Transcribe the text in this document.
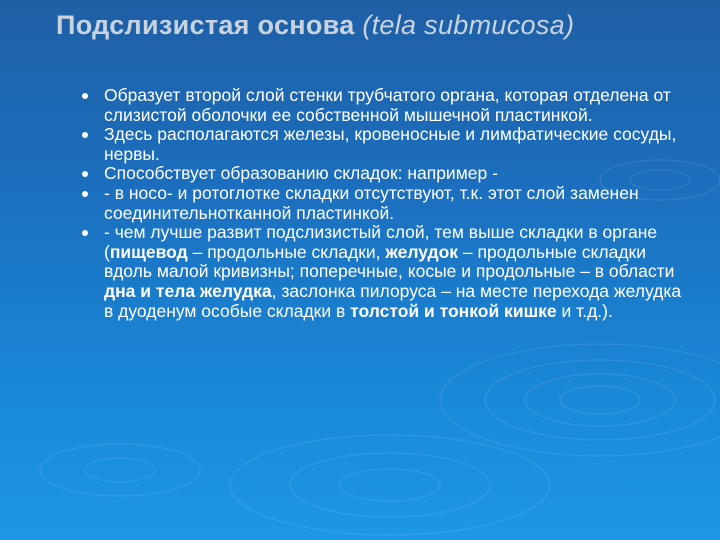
Подслизистая основа (tela submucosa)
Образует второй слой стенки трубчатого органа, которая отделена от слизистой оболочки ее собственной мышечной пластинкой.
Здесь располагаются железы, кровеносные и лимфатические сосуды, нервы.
Способствует образованию складок: например -
- в носо- и ротоглотке складки отсутствуют, т.к. этот слой заменен соединительнотканной пластинкой.
- чем лучше развит подслизистый слой, тем выше складки в органе (пищевод – продольные складки, желудок – продольные складки вдоль малой кривизны; поперечные, косые и продольные – в области дна и тела желудка, заслонка пилоруса – на месте перехода желудка в дуоденум особые складки в толстой и тонкой кишке и т.д.).
